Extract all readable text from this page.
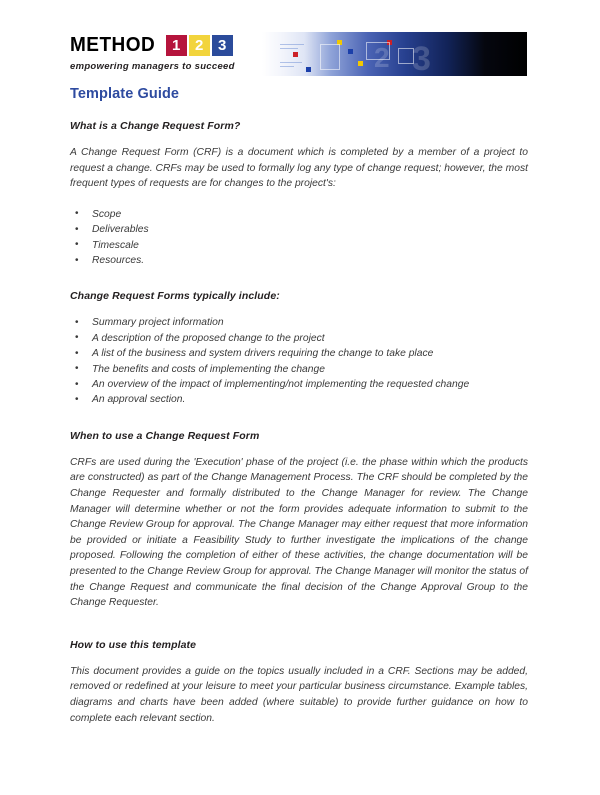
METHOD	1 2 3
empowering managers to succeed	2 3
Template Guide
What is a Change Request Form?

A Change Request Form (CRF) is a document which is completed by a member of a project to request a change. CRFs may be used to formally log any type of change request; however, the most frequent types of requests are for changes to the project's:

• Scope
• Deliverables
• Timescale
• Resources.
Change Request Forms typically include:
• Summary project information
• A description of the proposed change to the project
• A list of the business and system drivers requiring the change to take place
• The benefits and costs of implementing the change
• An overview of the impact of implementing/not implementing the requested change
• An approval section.
When to use a Change Request Form

CRFs are used during the 'Execution' phase of the project (i.e. the phase within which the products are constructed) as part of the Change Management Process. The CRF should be completed by the Change Requester and formally distributed to the Change Manager for review. The Change Manager will determine whether or not the form provides adequate information to submit to the Change Review Group for approval. The Change Manager may either request that more information be provided or initiate a Feasibility Study to further investigate the implications of the change proposed. Following the completion of either of these activities, the change documentation will be presented to the Change Review Group for approval. The Change Manager will monitor the status of the Change Request and communicate the final decision of the Change Approval Group to the Change Requester.

How to use this template

This document provides a guide on the topics usually included in a CRF. Sections may be added, removed or redefined at your leisure to meet your particular business circumstance. Example tables, diagrams and charts have been added (where suitable) to provide further guidance on how to complete each relevant section.
